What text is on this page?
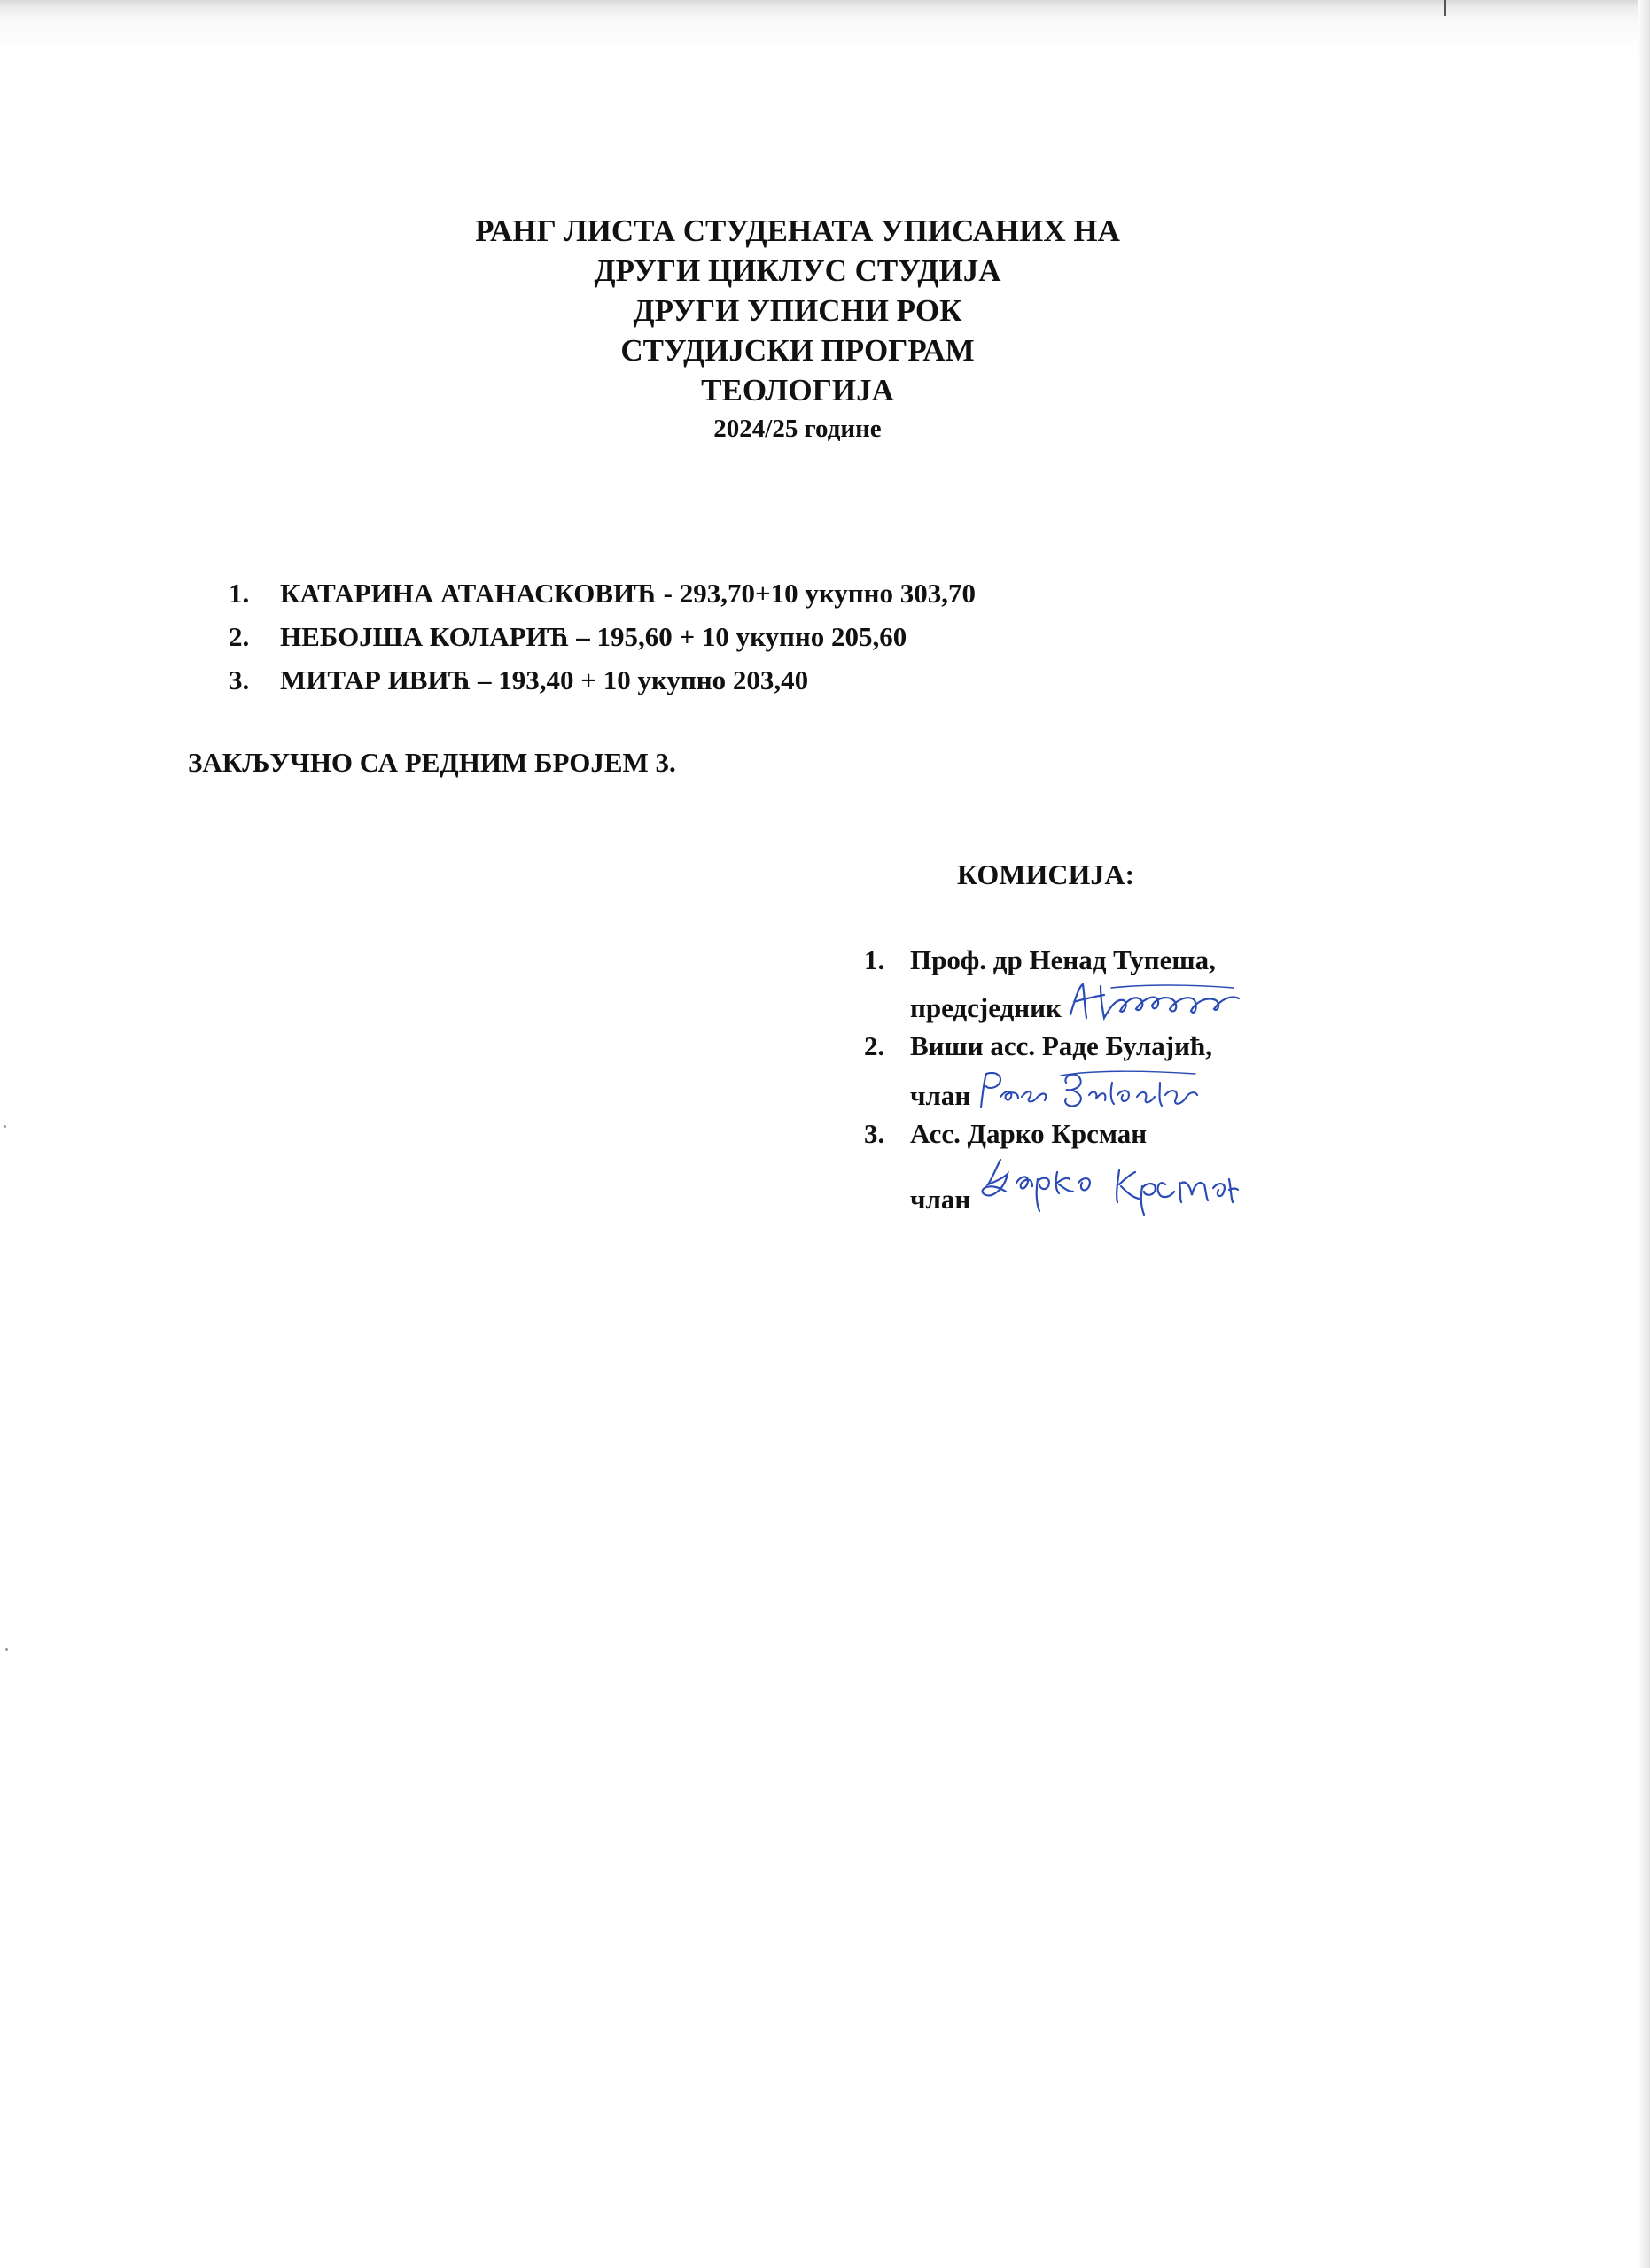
РАНГ ЛИСТА СТУДЕНАТА УПИСАНИХ НА
ДРУГИ ЦИКЛУС СТУДИЈА
ДРУГИ УПИСНИ РОК
СТУДИЈСКИ ПРОГРАМ
ТЕОЛОГИЈА
2024/25 године
1. КАТАРИНА АТАНАСКОВИЋ - 293,70+10 укупно 303,70
2. НЕБОЈША КОЛАРИЋ – 195,60 + 10 укупно 205,60
3. МИТАР ИВИЋ – 193,40 + 10 укупно 203,40
ЗАКЉУЧНО СА РЕДНИМ БРОЈЕМ 3.
КОМИСИЈА:
1. Проф. др Ненад Тупеша,
предсједник
2. Виши асс. Раде Булајић,
члан
3. Асс. Дарко Крсман
члан
